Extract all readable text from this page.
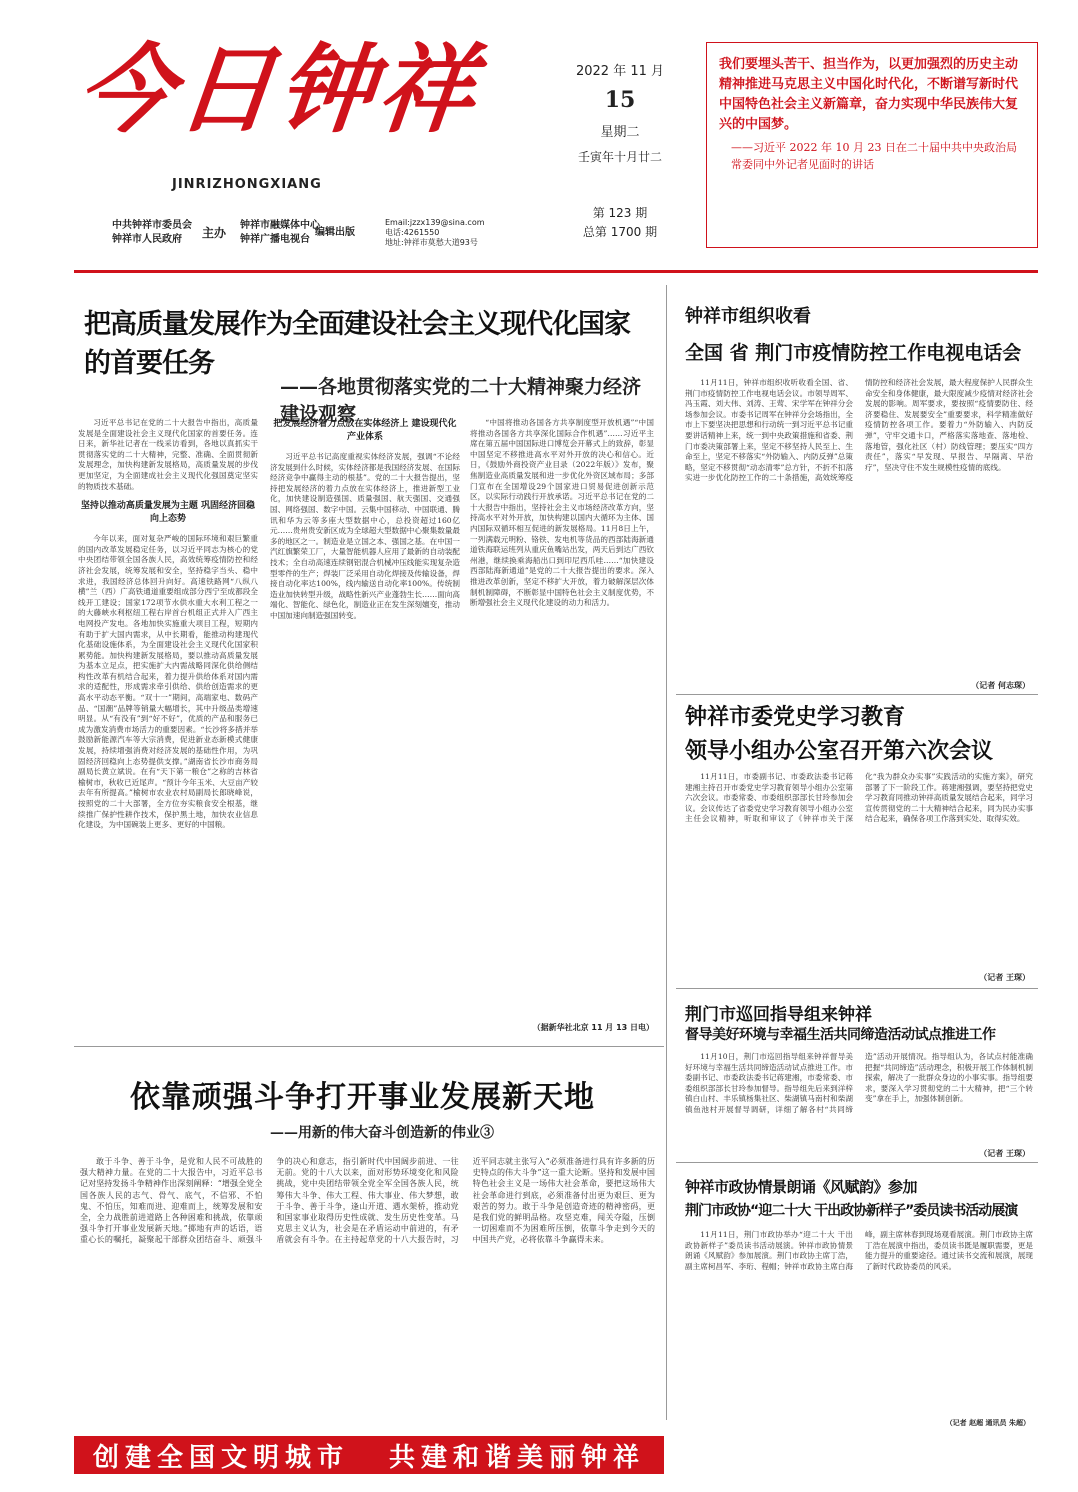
今日钟祥
JINRIZHONGXIANG
中共钟祥市委员会
钟祥市人民政府	主办
钟祥市融媒体中心
钟祥广播电视台
编辑出版
Email:jzzx139@sina.com
电话:4261550
地址:钟祥市莫愁大道93号
2022 年 11 月
15
星期二
壬寅年十月廿二
第 123 期
总第 1700 期
我们要埋头苦干、担当作为，以更加强烈的历史主动精神推进马克思主义中国化时代化，不断谱写新时代中国特色社会主义新篇章，奋力实现中华民族伟大复兴的中国梦。
——习近平 2022 年 10 月 23 日在二十届中共中央政治局常委同中外记者见面时的讲话
把高质量发展作为全面建设社会主义现代化国家的首要任务
——各地贯彻落实党的二十大精神聚力经济建设观察
习近平总书记在党的二十大报告中指出，高质量发展是全面建设社会主义现代化国家的首要任务。连日来，新华社记者在一线采访看到，各地以真抓实干贯彻落实党的二十大精神，完整、准确、全面贯彻新发展理念，加快构建新发展格局，高质量发展的步伐更加坚定，为全面建成社会主义现代化强国奠定坚实的物质技术基础。
坚持以推动高质量发展为主题 巩固经济回稳向上态势
今年以来，面对复杂严峻的国际环境和艰巨繁重的国内改革发展稳定任务，以习近平同志为核心的党中央团结带领全国各族人民，高效统筹疫情防控和经济社会发展，统筹发展和安全，坚持稳字当头、稳中求进，我国经济总体回升向好。高速铁路网“八纵八横”兰（西）广高铁通道重要组成部分西宁至成都段全线开工建设；国家172项节水供水重大水利工程之一的大藤峡水利枢纽工程右岸首台机组正式并入广西主电网投产发电。各地加快实施重大项目工程，短期内有助于扩大国内需求，从中长期看，能推动构建现代化基础设施体系，为全面建设社会主义现代化国家积累势能。加快构建新发展格局，要以推动高质量发展为基本立足点，把实施扩大内需战略同深化供给侧结构性改革有机结合起来，着力提升供给体系对国内需求的适配性，形成需求牵引供给、供给创造需求的更高水平动态平衡。“双十一”期间，高端家电、数码产品、“国潮”品牌等销量大幅增长，其中升级品类增速明显。从“有没有”到“好不好”，优质的产品和服务已成为激发消费市场活力的重要因素。“长沙将多措并举鼓励新能源汽车等大宗消费，促进新业态新模式健康发展，持续增强消费对经济发展的基础性作用，为巩固经济回稳向上态势提供支撑。”湖南省长沙市商务局副局长黄立斌说。在有“天下第一粮仓”之称的吉林省榆树市，秋收已近尾声。“预计今年玉米、大豆亩产较去年有所提高。”榆树市农业农村局副局长郎晓峰说，按照党的二十大部署，全方位夯实粮食安全根基，继续推广保护性耕作技术，保护黑土地，加快农业信息化建设，为中国碗装上更多、更好的中国粮。
把发展经济着力点放在实体经济上 建设现代化产业体系
习近平总书记高度重视实体经济发展，强调“不论经济发展到什么时候，实体经济都是我国经济发展、在国际经济竞争中赢得主动的根基”。党的二十大报告提出，坚持把发展经济的着力点放在实体经济上，推进新型工业化，加快建设制造强国、质量强国、航天强国、交通强国、网络强国、数字中国。云集中国移动、中国联通、腾讯和华为云等多座大型数据中心，总投资超过160亿元……贵州贵安新区成为全球超大型数据中心聚集数量最多的地区之一。制造业是立国之本、强国之基。在中国一汽红旗繁荣工厂，大量智能机器人应用了最新的自动装配技术；全自动高速连续钢铝混合机械冲压线能实现复杂造型零件的生产；焊装厂泛采用自动化焊接及传输设备，焊接自动化率达100%，线内输送自动化率100%。传统制造业加快转型升级，战略性新兴产业蓬勃生长……面向高端化、智能化、绿色化，制造业正在发生深刻嬗变，推动中国加速向制造强国转变。
“中国将推动各国各方共享制度型开放机遇”“中国将推动各国各方共享深化国际合作机遇”……习近平主席在第五届中国国际进口博览会开幕式上的致辞，彰显中国坚定不移推进高水平对外开放的决心和信心。近日，《鼓励外商投资产业目录（2022年版）》发布，聚焦制造业高质量发展和进一步优化外资区域布局；多部门宣布在全国增设29个国家进口贸易促进创新示范区，以实际行动践行开放承诺。习近平总书记在党的二十大报告中指出，坚持社会主义市场经济改革方向，坚持高水平对外开放，加快构建以国内大循环为主体、国内国际双循环相互促进的新发展格局。11月8日上午，一列满载元明粉、铬铁、发电机等货品的西部陆海新通道铁海联运班列从重庆鱼嘴站出发，两天后到达广西钦州港，继续换乘海船出口到印尼西爪哇……“加快建设西部陆海新通道”是党的二十大报告提出的要求。深入推进改革创新，坚定不移扩大开放，着力破解深层次体制机制障碍，不断彰显中国特色社会主义制度优势，不断增强社会主义现代化建设的动力和活力。
（据新华社北京 11 月 13 日电）
依靠顽强斗争打开事业发展新天地
——用新的伟大奋斗创造新的伟业③
敢于斗争、善于斗争，是党和人民不可战胜的强大精神力量。在党的二十大报告中，习近平总书记对坚持发扬斗争精神作出深刻阐释：“增强全党全国各族人民的志气、骨气、底气，不信邪、不怕鬼、不怕压，知难而进、迎难而上，统筹发展和安全，全力战胜前进道路上各种困难和挑战，依靠顽强斗争打开事业发展新天地。”掷地有声的话语，语重心长的嘱托，凝聚起干部群众团结奋斗、顽强斗争的决心和意志，指引新时代中国阔步前进、一往无前。党的十八大以来，面对形势环境变化和风险挑战，党中央团结带领全党全军全国各族人民，统筹伟大斗争、伟大工程、伟大事业、伟大梦想，敢于斗争、善于斗争，逢山开道、遇水架桥，推动党和国家事业取得历史性成就、发生历史性变革。马克思主义认为，社会是在矛盾运动中前进的，有矛盾就会有斗争。在主持起草党的十八大报告时，习近平同志就主张写入“必须准备进行具有许多新的历史特点的伟大斗争”这一重大论断。坚持和发展中国特色社会主义是一场伟大社会革命，要把这场伟大社会革命进行到底，必须准备付出更为艰巨、更为艰苦的努力。敢于斗争是创造奇迹的精神密码，更是我们党的鲜明品格。攻坚克难，闯关夺隘，压倒一切困难而不为困难所压倒，依靠斗争走到今天的中国共产党，必将依靠斗争赢得未来。
钟祥市组织收看
全国 省 荆门市疫情防控工作电视电话会
11月11日，钟祥市组织收听收看全国、省、荆门市疫情防控工作电视电话会议。市领导周军、冯玉霞、刘大伟、刘涛、王莺、宋学军在钟祥分会场参加会议。市委书记周军在钟祥分会场指出，全市上下要坚决把思想和行动统一到习近平总书记重要讲话精神上来，统一到中央政策措施和省委、荆门市委决策部署上来，坚定不移坚持人民至上、生命至上，坚定不移落实“外防输入、内防反弹”总策略，坚定不移贯彻“动态清零”总方针，不折不扣落实进一步优化防控工作的二十条措施，高效统筹疫情防控和经济社会发展，最大程度保护人民群众生命安全和身体健康，最大限度减少疫情对经济社会发展的影响。周军要求，要按照“疫情要防住、经济要稳住、发展要安全”重要要求，科学精准做好疫情防控各项工作。要着力“外防输入、内防反弹”，守牢交通卡口，严格落实落地查、落地检、落地管，强化社区（村）防线管理；要压实“四方责任”，落实“早发现、早报告、早隔离、早治疗”，坚决守住不发生规模性疫情的底线。
（记者 何志琛）
钟祥市委党史学习教育
领导小组办公室召开第六次会议
11月11日，市委副书记、市委政法委书记蒋建湘主持召开市委党史学习教育领导小组办公室第六次会议。市委常委、市委组织部部长甘玲参加会议。会议传达了省委党史学习教育领导小组办公室主任会议精神，听取和审议了《钟祥市关于深化“我为群众办实事”实践活动的实施方案》，研究部署了下一阶段工作。蒋建湘强调，要坚持把党史学习教育同推动钟祥高质量发展结合起来，同学习宣传贯彻党的二十大精神结合起来，同为民办实事结合起来，确保各项工作落到实处、取得实效。
（记者 王琛）
荆门市巡回指导组来钟祥
督导美好环境与幸福生活共同缔造活动试点推进工作
11月10日，荆门市巡回指导组来钟祥督导美好环境与幸福生活共同缔造活动试点推进工作。市委副书记、市委政法委书记蒋建湘，市委常委、市委组织部部长甘玲参加督导。指导组先后来到洋梓镇白山村、丰乐镇杨集社区、柴湖镇马南村和柴湖镇鱼池村开展督导调研，详细了解各村“共同缔造”活动开展情况。指导组认为，各试点村能准确把握“共同缔造”活动理念，积极开展工作体制机制探索，解决了一批群众身边的小事实事。指导组要求，要深入学习贯彻党的二十大精神，把“三个转变”拿在手上，加强体制创新。
（记者 王琛）
钟祥市政协情景朗诵《风赋韵》参加
荆门市政协“迎二十大 干出政协新样子”委员读书活动展演
11月11日，荆门市政协举办“迎二十大 干出政协新样子”委员读书活动展演。钟祥市政协情景朗诵《风赋韵》参加展演。荆门市政协主席丁浩，副主席柯昌军、李珩、程帽；钟祥市政协主席白海峰，副主席林春到现场观看展演。荆门市政协主席丁浩在展演中指出，委员读书既是履职需要，更是能力提升的重要途径。通过读书交流和展演，展现了新时代政协委员的风采。
（记者 赵超 通讯员 朱超）
创建全国文明城市 共建和谐美丽钟祥
